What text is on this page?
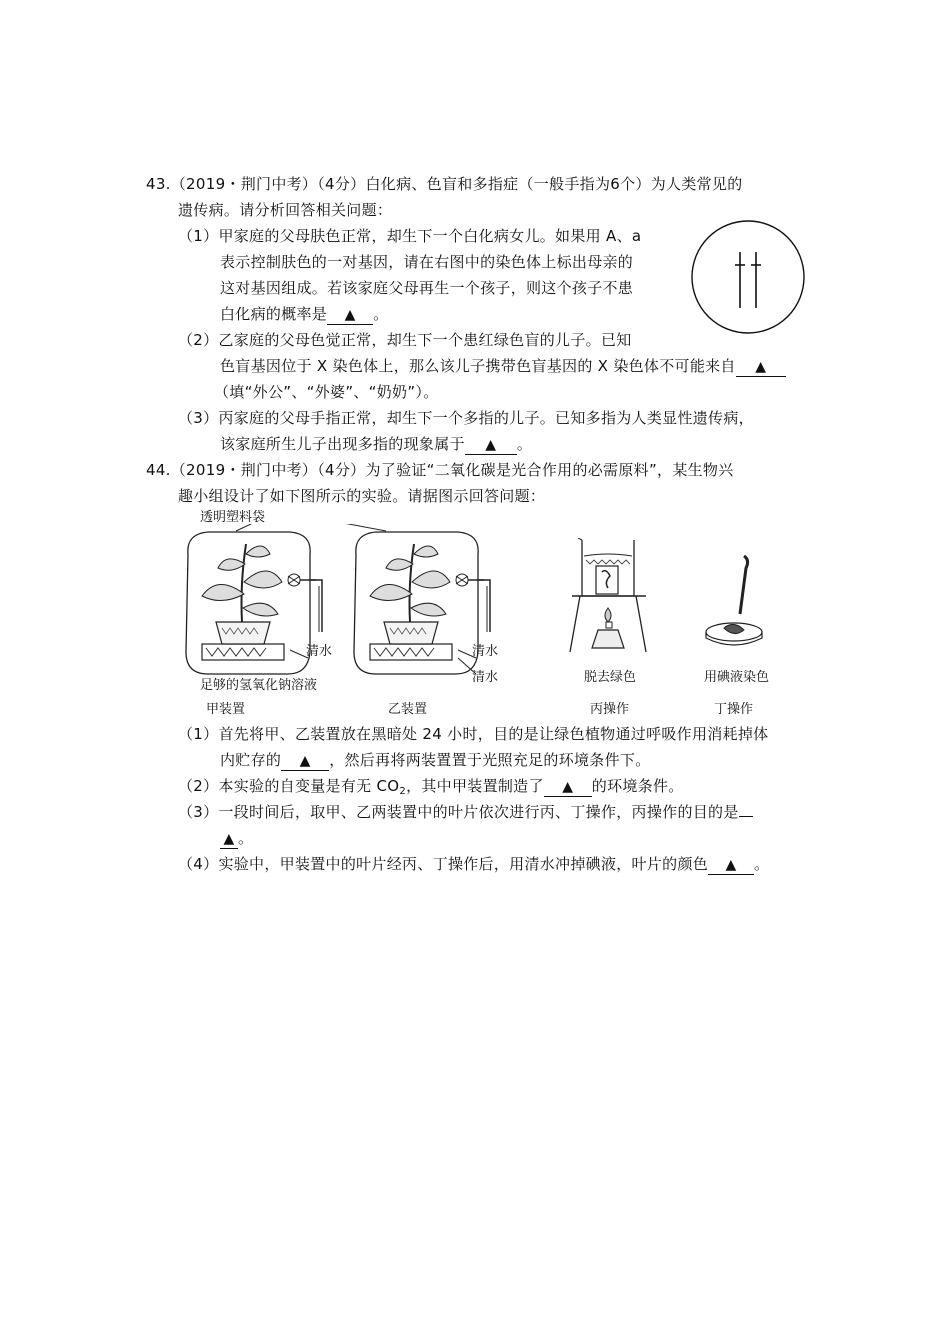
43.（2019・荆门中考）（4分）白化病、色盲和多指症（一般手指为6个）为人类常见的
遗传病。请分析回答相关问题：
（1）甲家庭的父母肤色正常，却生下一个白化病女儿。如果用 A、a
表示控制肤色的一对基因，请在右图中的染色体上标出母亲的
这对基因组成。若该家庭父母再生一个孩子，则这个孩子不患
白化病的概率是 ▲ 。
（2）乙家庭的父母色觉正常，却生下一个患红绿色盲的儿子。已知
色盲基因位于 X 染色体上，那么该儿子携带色盲基因的 X 染色体不可能来自 ▲
（填“外公”、“外婆”、“奶奶”）。
（3）丙家庭的父母手指正常，却生下一个多指的儿子。已知多指为人类显性遗传病，
该家庭所生儿子出现多指的现象属于 ▲ 。
44.（2019・荆门中考）（4分）为了验证“二氧化碳是光合作用的必需原料”，某生物兴
趣小组设计了如下图所示的实验。请据图示回答问题：
透明塑料袋
清水
足够的氢氧化钠溶液
甲装置
清水
清水
乙装置
脱去绿色
丙操作
用碘液染色
丁操作
（1）首先将甲、乙装置放在黑暗处 24 小时，目的是让绿色植物通过呼吸作用消耗掉体
内贮存的 ▲ ，然后再将两装置置于光照充足的环境条件下。
（2）本实验的自变量是有无 $CO_2$，其中甲装置制造了 ▲ 的环境条件。
（3）一段时间后，取甲、乙两装置中的叶片依次进行丙、丁操作，丙操作的目的是
▲ 。
（4）实验中，甲装置中的叶片经丙、丁操作后，用清水冲掉碘液，叶片的颜色 ▲ 。
